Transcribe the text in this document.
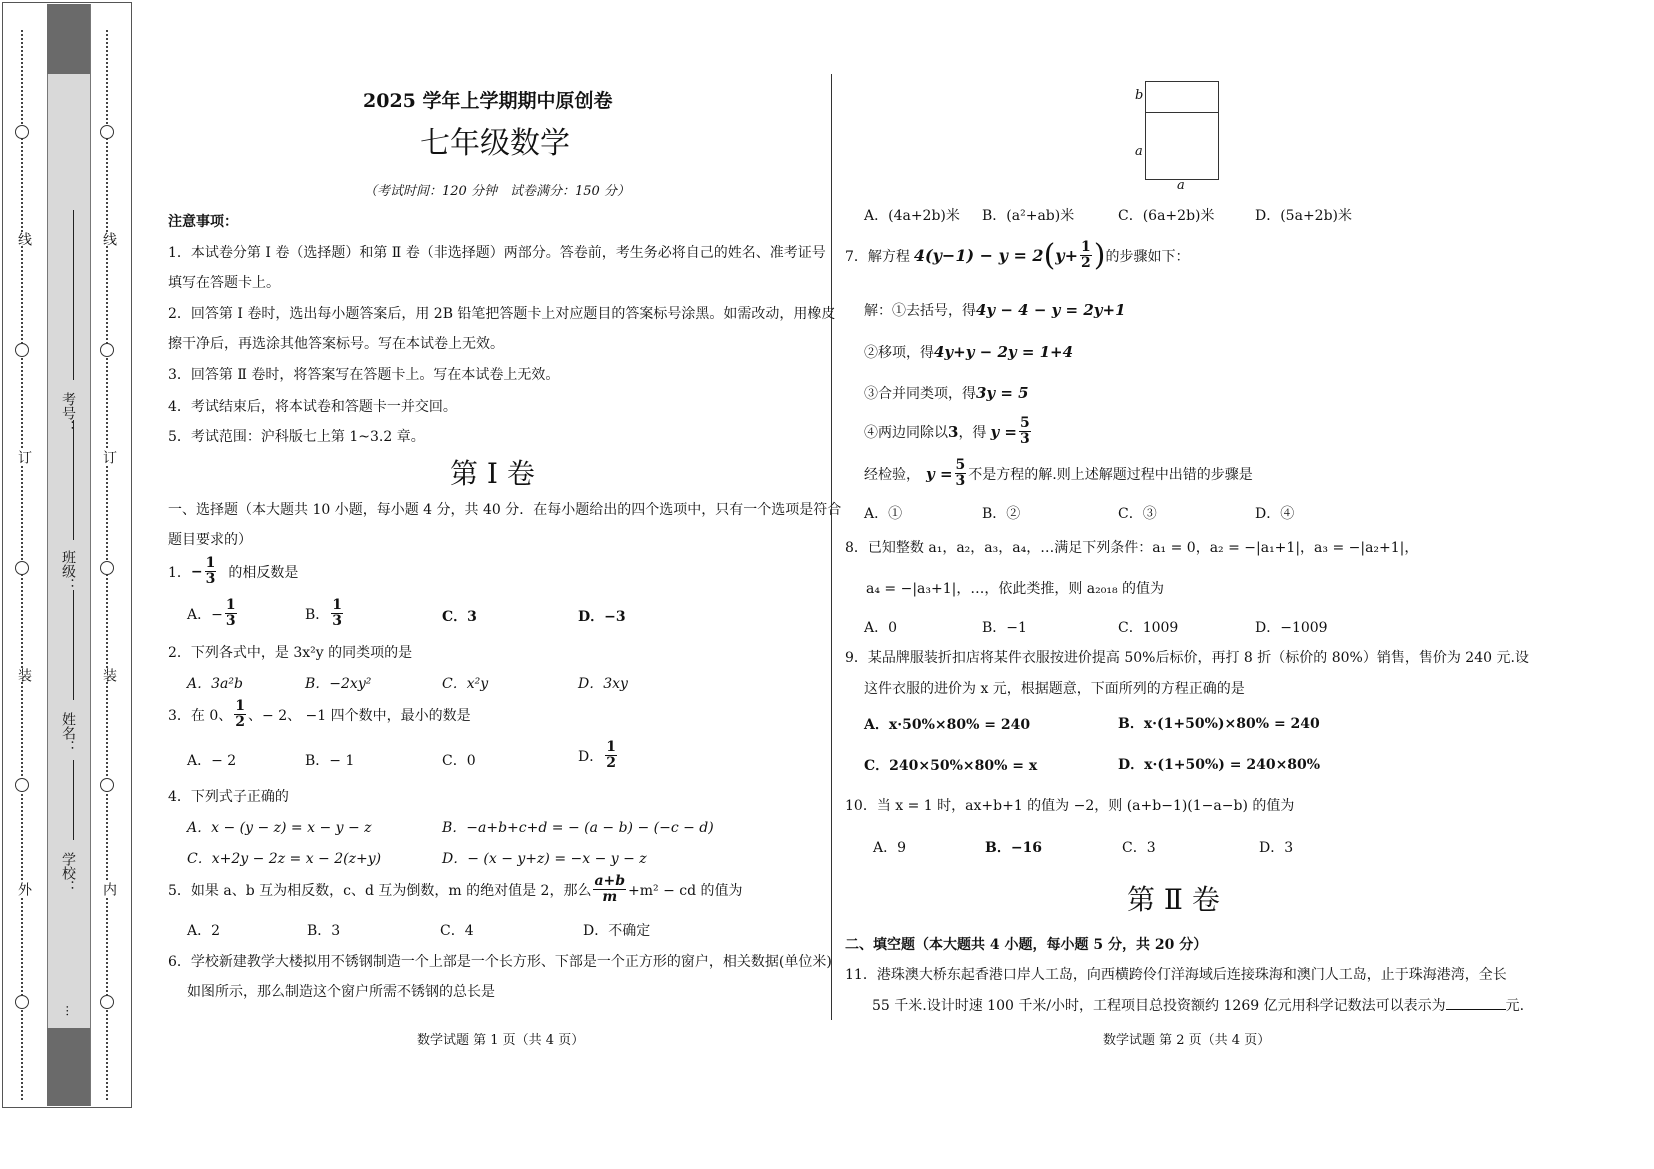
线
订
装
外
线
订
装
内
考号：
班级：
姓名：
学校：
···
2025 学年上学期期中原创卷
七年级数学
（考试时间：120 分钟　试卷满分：150 分）
注意事项：
1．本试卷分第 Ⅰ 卷（选择题）和第 Ⅱ 卷（非选择题）两部分。答卷前，考生务必将自己的姓名、准考证号
填写在答题卡上。
2．回答第 Ⅰ 卷时，选出每小题答案后，用 2B 铅笔把答题卡上对应题目的答案标号涂黑。如需改动，用橡皮
擦干净后，再选涂其他答案标号。写在本试卷上无效。
3．回答第 Ⅱ 卷时，将答案写在答题卡上。写在本试卷上无效。
4．考试结束后，将本试卷和答题卡一并交回。
5．考试范围：沪科版七上第 1~3.2 章。
第 Ⅰ 卷
一、选择题（本大题共 10 小题，每小题 4 分，共 40 分．在每小题给出的四个选项中，只有一个选项是符合
题目要求的）
1． − $\frac{1}{3}$ 的相反数是
A．− $\frac{1}{3}$	B． $\frac{1}{3}$	C．3	D．−3
2．下列各式中，是 3x²y 的同类项的是
A．3a²b	B．−2xy²	C．x²y	D．3xy
3．在 0、 $\frac{1}{2}$ 、− 2、 −1 四个数中，最小的数是
A．− 2	B．− 1	C．0	D． $\frac{1}{2}$
4．下列式子正确的
A．x − (y − z) = x − y − z	B．−a+b+c+d = − (a − b) − (−c − d)
C．x+2y − 2z = x − 2(z+y)	D．− (x − y+z) = −x − y − z
5．如果 a、b 互为相反数，c、d 互为倒数，m 的绝对值是 2，那么 $\frac{a+b}{m} +m^2$ − cd 的值为
A．2	B．3	C．4	D．不确定
6．学校新建教学大楼拟用不锈钢制造一个上部是一个长方形、下部是一个正方形的窗户，相关数据(单位米)
如图所示，那么制造这个窗户所需不锈钢的总长是
数学试题 第 1 页（共 4 页）
b
a
a
A．(4a+2b)米 B．(a²+ab)米	C．(6a+2b)米	D．(5a+2b)米
7．解方程 4(y−1) − y = 2 ( $y+ \frac{1}{2}$ ) 的步骤如下：
解：①去括号，得4y − 4 − y = 2y+1
②移项，得4y+y − 2y = 1+4
③合并同类项，得3y = 5
④两边同除以 3 ，得 $y = \frac{5}{3}$
经检验， $y = \frac{5}{3}$ 不是方程的解.则上述解题过程中出错的步骤是
A．①	B．②	C．③	D．④
8．已知整数 a₁，a₂，a₃，a₄，…满足下列条件：a₁ = 0，a₂ = −|a₁+1|，a₃ = −|a₂+1|，
a₄ = −|a₃+1|，…，依此类推，则 a₂₀₁₈ 的值为
A．0	B．−1	C．1009	D．−1009
9．某品牌服装折扣店将某件衣服按进价提高 50%后标价，再打 8 折（标价的 80%）销售，售价为 240 元.设
这件衣服的进价为 x 元，根据题意，下面所列的方程正确的是
A．x·50%×80% = 240	B．x·(1+50%)×80% = 240
C．240×50%×80% = x	D．x·(1+50%) = 240×80%
10．当 x = 1 时，ax+b+1 的值为 −2，则 (a+b−1)(1−a−b) 的值为
A．9	B．−16	C．3	D．3
第 Ⅱ 卷
二、填空题（本大题共 4 小题，每小题 5 分，共 20 分）
11．港珠澳大桥东起香港口岸人工岛，向西横跨伶仃洋海域后连接珠海和澳门人工岛，止于珠海港湾，全长
55 千米.设计时速 100 千米/小时，工程项目总投资额约 1269 亿元用科学记数法可以表示为	元.
数学试题 第 2 页（共 4 页）
